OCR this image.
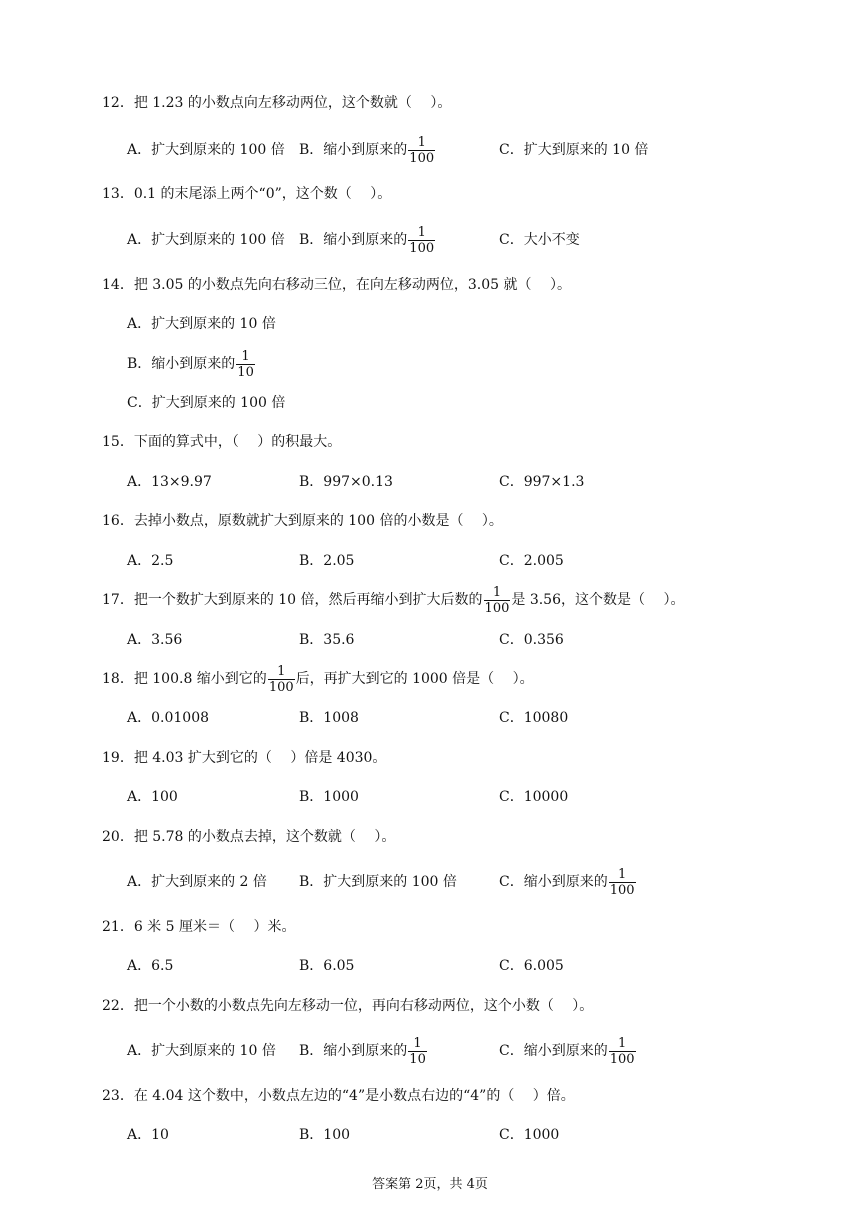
12．把 1.23 的小数点向左移动两位，这个数就（　 ）。
A．扩大到原来的 100 倍 B．缩小到原来的 $\frac{1}{100}$	C．扩大到原来的 10 倍
13．0.1 的末尾添上两个“0”，这个数（　 ）。
A．扩大到原来的 100 倍 B．缩小到原来的 $\frac{1}{100}$	C．大小不变
14．把 3.05 的小数点先向右移动三位，在向左移动两位，3.05 就（　 ）。
A．扩大到原来的 10 倍
B．缩小到原来的 $\frac{1}{10}$
C．扩大到原来的 100 倍
15．下面的算式中，（　 ）的积最大。
A．13×9.97	B．997×0.13	C．997×1.3
16．去掉小数点，原数就扩大到原来的 100 倍的小数是（　 ）。
A．2.5	B．2.05	C．2.005
17．把一个数扩大到原来的 10 倍，然后再缩小到扩大后数的 $\frac{1}{100}$ 是 3.56，这个数是（　 ）。
A．3.56	B．35.6	C．0.356
18．把 100.8 缩小到它的 $\frac{1}{100}$ 后，再扩大到它的 1000 倍是（　 ）。
A．0.01008	B．1008	C．10080
19．把 4.03 扩大到它的（　 ）倍是 4030。
A．100	B．1000	C．10000
20．把 5.78 的小数点去掉，这个数就（　 ）。
A．扩大到原来的 2 倍 B．扩大到原来的 100 倍	C．缩小到原来的 $\frac{1}{100}$
21．6 米 5 厘米＝（　 ）米。
A．6.5	B．6.05	C．6.005
22．把一个小数的小数点先向左移动一位，再向右移动两位，这个小数（　 ）。
A．扩大到原来的 10 倍 B．缩小到原来的 $\frac{1}{10}$	C．缩小到原来的 $\frac{1}{100}$
23．在 4.04 这个数中，小数点左边的“4”是小数点右边的“4”的（　 ）倍。
A．10	B．100	C．1000
答案第 2页，共 4页
